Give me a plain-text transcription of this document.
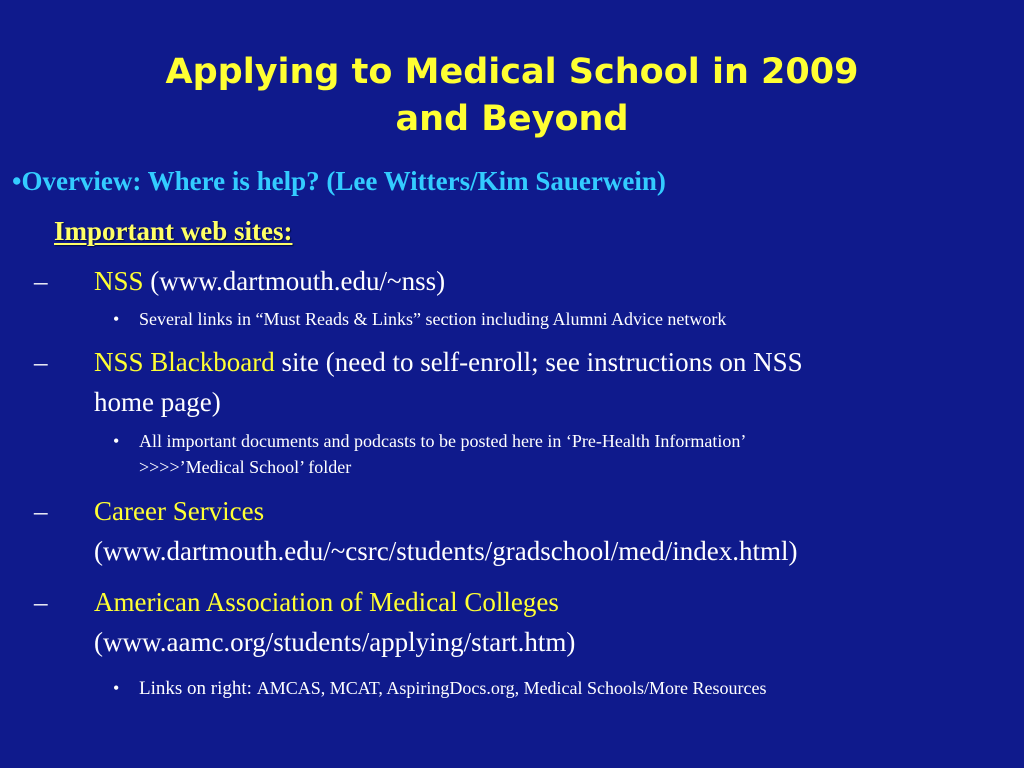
Applying to Medical School in 2009
and Beyond
•Overview: Where is help? (Lee Witters/Kim Sauerwein)
Important web sites:
– NSS (www.dartmouth.edu/~nss)
• Several links in “Must Reads & Links” section including Alumni Advice network
– NSS Blackboard site (need to self-enroll; see instructions on NSS
home page)
• All important documents and podcasts to be posted here in ‘Pre-Health Information’
>>>>’Medical School’ folder
– Career Services
(www.dartmouth.edu/~csrc/students/gradschool/med/index.html)
– American Association of Medical Colleges
(www.aamc.org/students/applying/start.htm)
• Links on right: AMCAS, MCAT, AspiringDocs.org, Medical Schools/More Resources
